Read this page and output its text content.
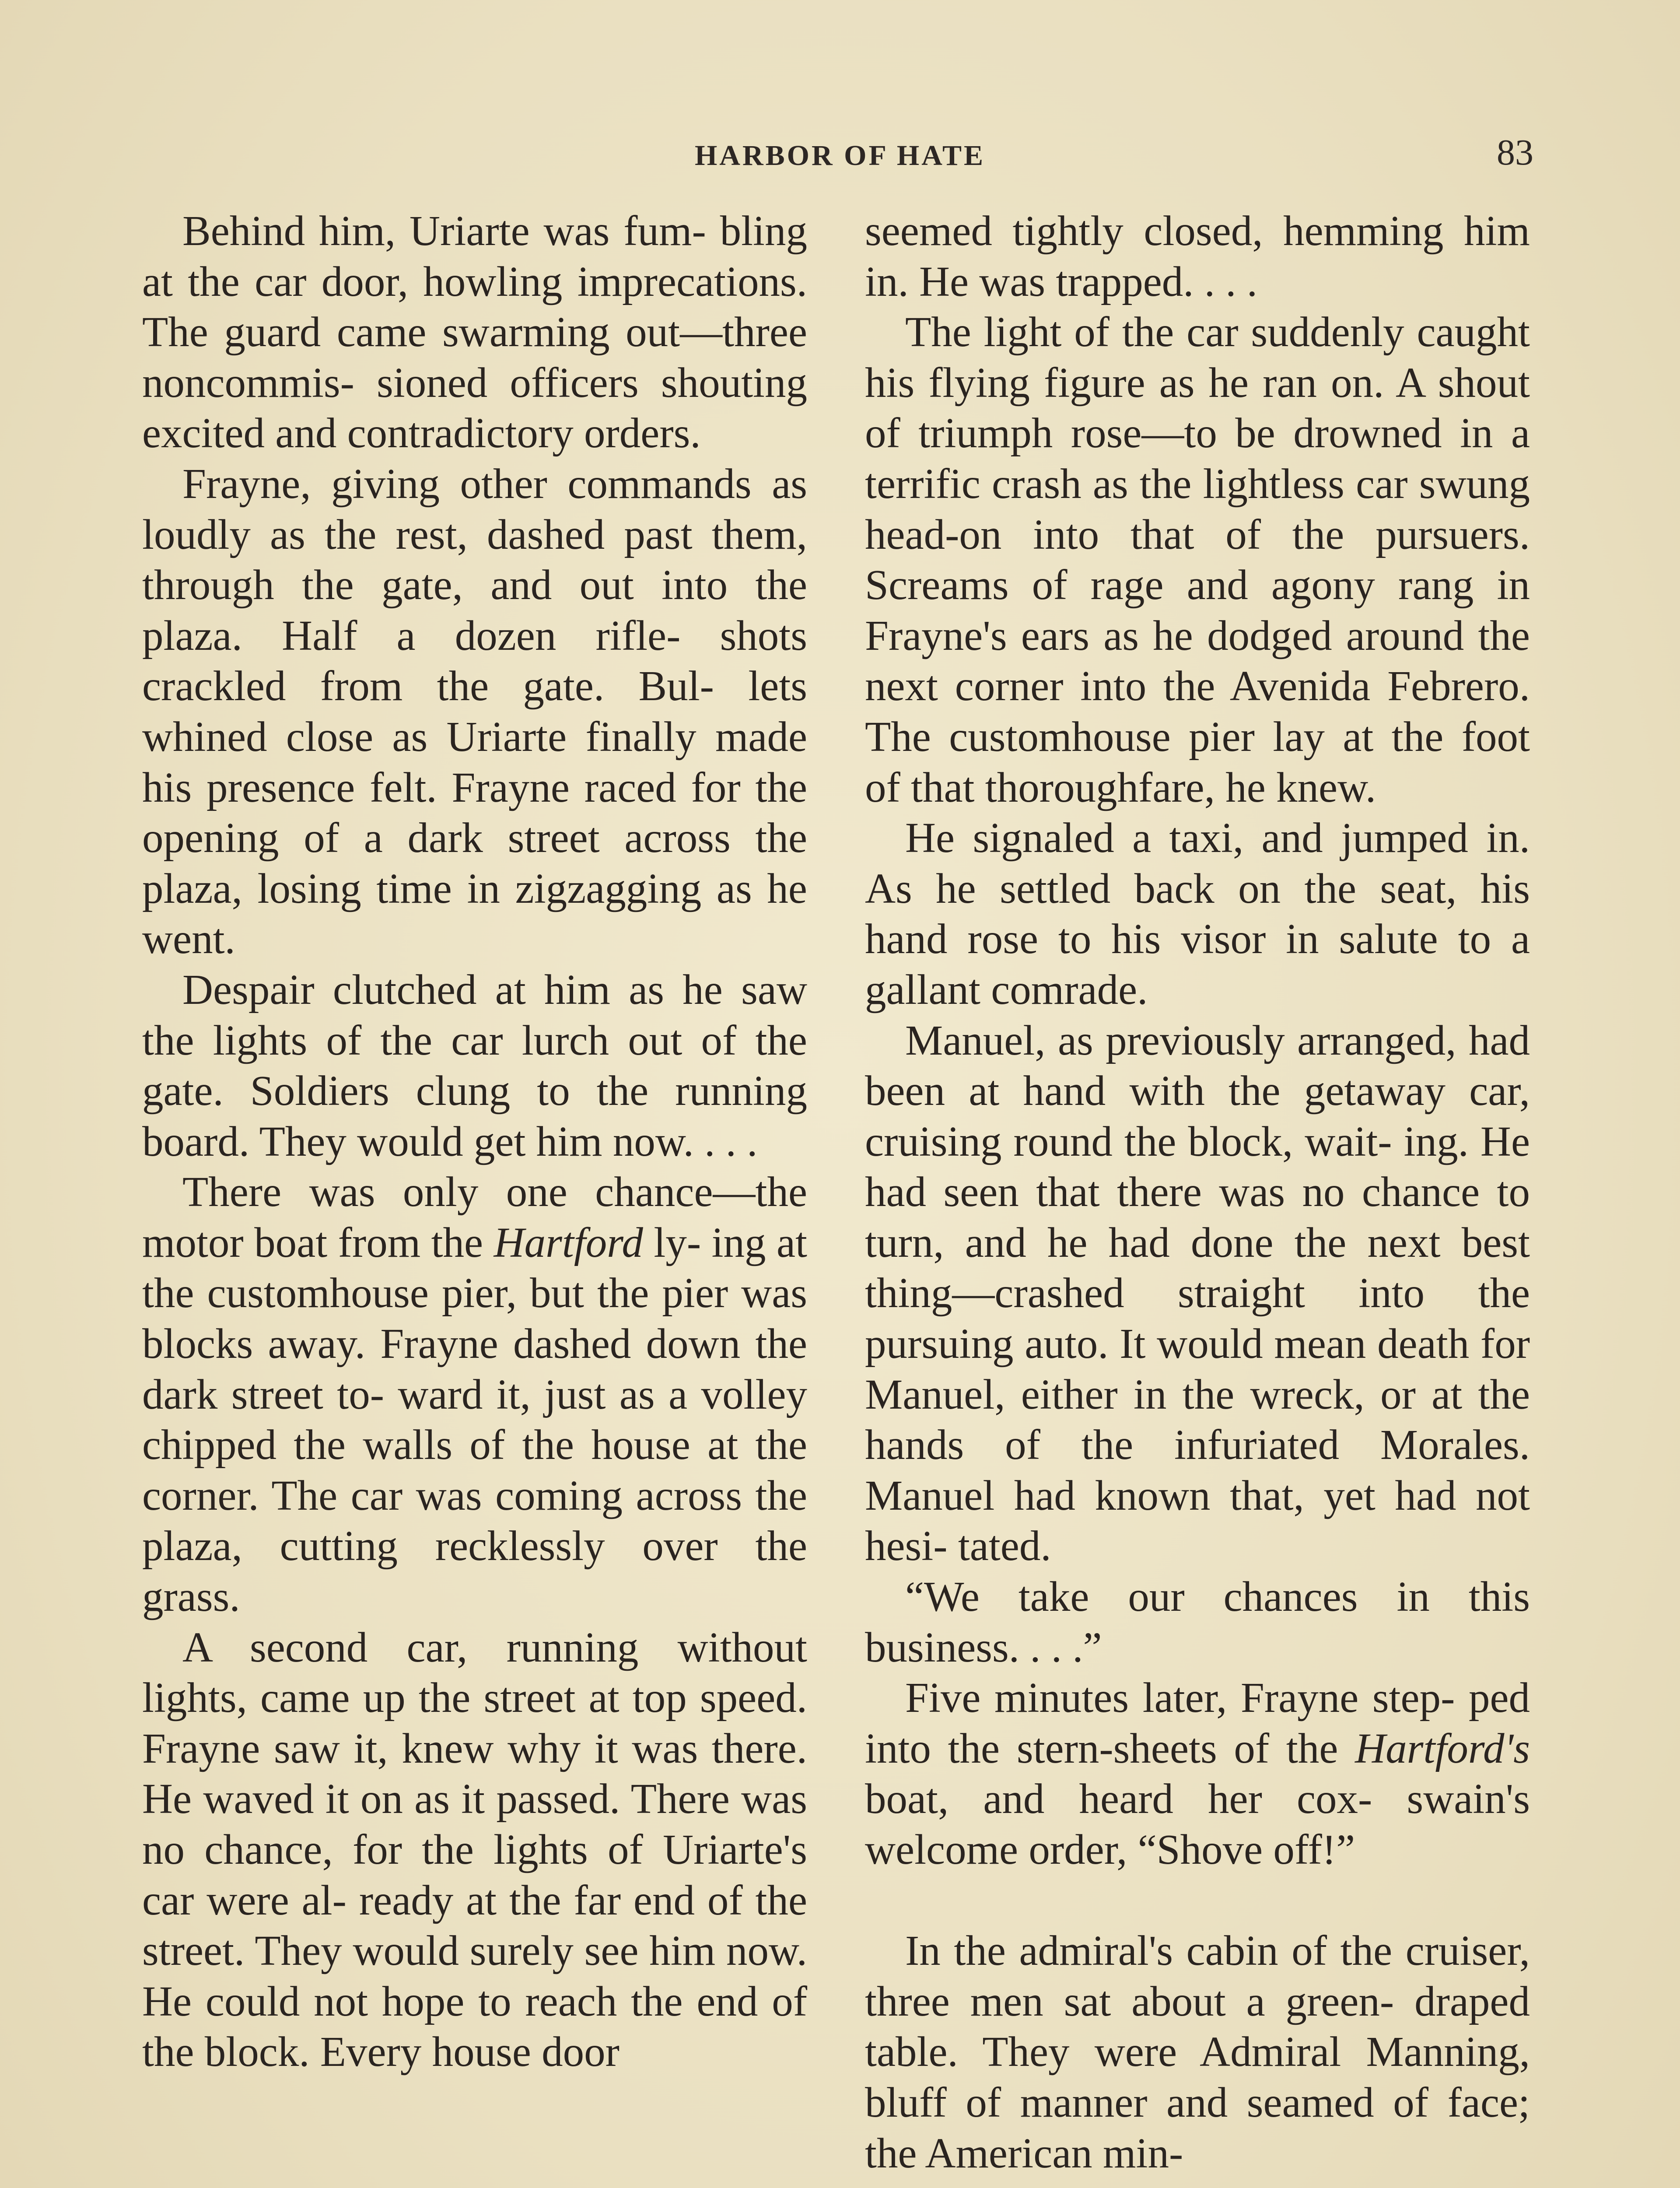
HARBOR OF HATE	83

Behind him, Uriarte was fum- bling at the car door, howling imprecations. The guard came swarming out—three noncommis- sioned officers shouting excited and contradictory orders.

Frayne, giving other commands as loudly as the rest, dashed past them, through the gate, and out into the plaza. Half a dozen rifle- shots crackled from the gate. Bul- lets whined close as Uriarte finally made his presence felt. Frayne raced for the opening of a dark street across the plaza, losing time in zigzagging as he went.

Despair clutched at him as he saw the lights of the car lurch out of the gate. Soldiers clung to the running board. They would get him now. . . .

There was only one chance—the motor boat from the Hartford ly- ing at the customhouse pier, but the pier was blocks away. Frayne dashed down the dark street to- ward it, just as a volley chipped the walls of the house at the corner. The car was coming across the plaza, cutting recklessly over the grass.

A second car, running without lights, came up the street at top speed. Frayne saw it, knew why it was there. He waved it on as it passed. There was no chance, for the lights of Uriarte's car were al- ready at the far end of the street. They would surely see him now. He could not hope to reach the end of the block. Every house door

seemed tightly closed, hemming him in. He was trapped. . . .

The light of the car suddenly caught his flying figure as he ran on. A shout of triumph rose—to be drowned in a terrific crash as the lightless car swung head-on into that of the pursuers. Screams of rage and agony rang in Frayne's ears as he dodged around the next corner into the Avenida Febrero. The customhouse pier lay at the foot of that thoroughfare, he knew.

He signaled a taxi, and jumped in. As he settled back on the seat, his hand rose to his visor in salute to a gallant comrade.

Manuel, as previously arranged, had been at hand with the getaway car, cruising round the block, wait- ing. He had seen that there was no chance to turn, and he had done the next best thing—crashed straight into the pursuing auto. It would mean death for Manuel, either in the wreck, or at the hands of the infuriated Morales. Manuel had known that, yet had not hesi- tated.

“We take our chances in this business. . . .”

Five minutes later, Frayne step- ped into the stern-sheets of the Hartford's boat, and heard her cox- swain's welcome order, “Shove off!”

In the admiral's cabin of the cruiser, three men sat about a green- draped table. They were Admiral Manning, bluff of manner and seamed of face; the American min-
